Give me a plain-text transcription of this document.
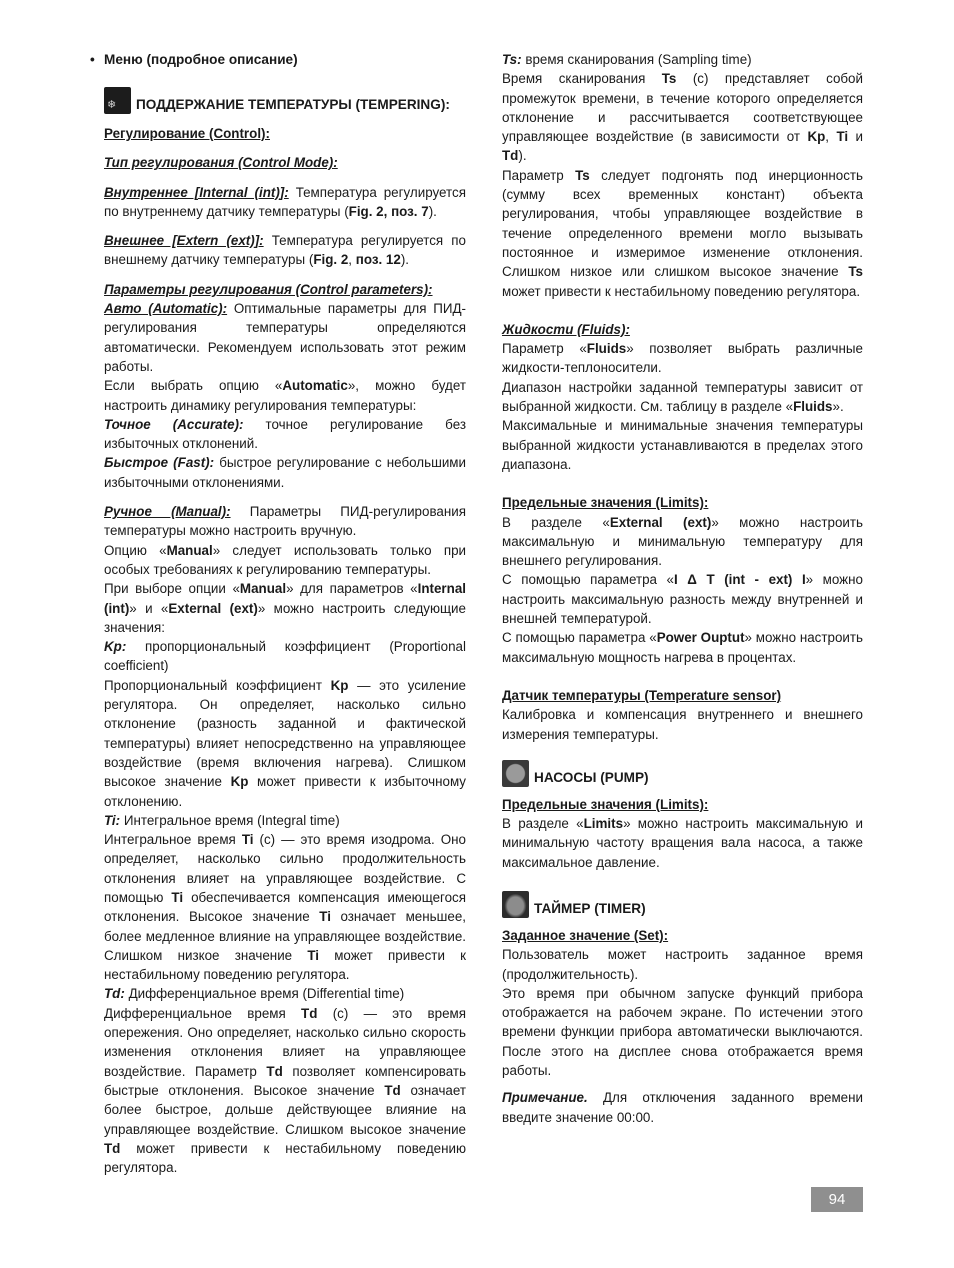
• Меню (подробное описание)
❄
ПОДДЕРЖАНИЕ ТЕМПЕРАТУРЫ (TEMPERING):

Регулирование (Control):

Тип регулирования (Control Mode):

Внутреннее [Internal (int)]: Температура регулируется по внутреннему датчику температуры (Fig. 2, поз. 7).

Внешнее [Extern (ext)]: Температура регулируется по внешнему датчику температуры (Fig. 2, поз. 12).

Параметры регулирования (Control parameters):

Авто (Automatic): Оптимальные параметры для ПИД-регулирования температуры определяются автоматически. Рекомендуем использовать этот режим работы.

Если выбрать опцию «Automatic», можно будет настроить динамику регулирования температуры:

Точное (Accurate): точное регулирование без избыточных отклонений.

Быстрое (Fast): быстрое регулирование с небольшими избыточными отклонениями.

Ручное (Manual): Параметры ПИД-регулирования температуры можно настроить вручную.

Опцию «Manual» следует использовать только при особых требованиях к регулированию температуры.

При выборе опции «Manual» для параметров «Internal (int)» и «External (ext)» можно настроить следующие значения:

Kp: пропорциональный коэффициент (Proportional coefficient)

Пропорциональный коэффициент Kp — это усиление регулятора. Он определяет, насколько сильно отклонение (разность заданной и фактической температуры) влияет непосредственно на управляющее воздействие (время включения нагрева). Слишком высокое значение Kp может привести к избыточному отклонению.

Ti: Интегральное время (Integral time)

Интегральное время Ti (с) — это время изодрома. Оно определяет, насколько сильно продолжительность отклонения влияет на управляющее воздействие. С помощью Ti обеспечивается компенсация имеющегося отклонения. Высокое значение Ti означает меньшее, более медленное влияние на управляющее воздействие. Слишком низкое значение Ti может привести к нестабильному поведению регулятора.

Td: Дифференциальное время (Differential time)

Дифференциальное время Td (с) — это время опережения. Оно определяет, насколько сильно скорость изменения отклонения влияет на управляющее воздействие. Параметр Td позволяет компенсировать быстрые отклонения. Высокое значение Td означает более быстрое, дольше действующее влияние на управляющее воздействие. Слишком высокое значение Td может привести к нестабильному поведению регулятора.

Ts: время сканирования (Sampling time)

Время сканирования Ts (с) представляет собой промежуток времени, в течение которого определяется отклонение и рассчитывается соответствующее управляющее воздействие (в зависимости от Kp, Ti и Td).

Параметр Ts следует подгонять под инерционность (сумму всех временных констант) объекта регулирования, чтобы управляющее воздействие в течение определенного времени могло вызывать постоянное и измеримое изменение отклонения. Слишком низкое или слишком высокое значение Ts может привести к нестабильному поведению регулятора.

Жидкости (Fluids):

Параметр «Fluids» позволяет выбрать различные жидкости-теплоносители.

Диапазон настройки заданной температуры зависит от выбранной жидкости. См. таблицу в разделе «Fluids».

Максимальные и минимальные значения температуры выбранной жидкости устанавливаются в пределах этого диапазона.

Предельные значения (Limits):

В разделе «External (ext)» можно настроить максимальную и минимальную температуру для внешнего регулирования.

С помощью параметра «I Δ T (int - ext) I» можно настроить максимальную разность между внутренней и внешней температурой.

С помощью параметра «Power Ouptut» можно настроить максимальную мощность нагрева в процентах.

Датчик температуры (Temperature sensor)

Калибровка и компенсация внутреннего и внешнего измерения температуры.

НАСОСЫ (PUMP)

Предельные значения (Limits):

В разделе «Limits» можно настроить максимальную и минимальную частоту вращения вала насоса, а также максимальное давление.

ТАЙМЕР (TIMER)

Заданное значение (Set):

Пользователь может настроить заданное время (продолжительность).

Это время при обычном запуске функций прибора отображается на рабочем экране. По истечении этого времени функции прибора автоматически выключаются. После этого на дисплее снова отображается время работы.

Примечание. Для отключения заданного времени введите значение 00:00.

94
